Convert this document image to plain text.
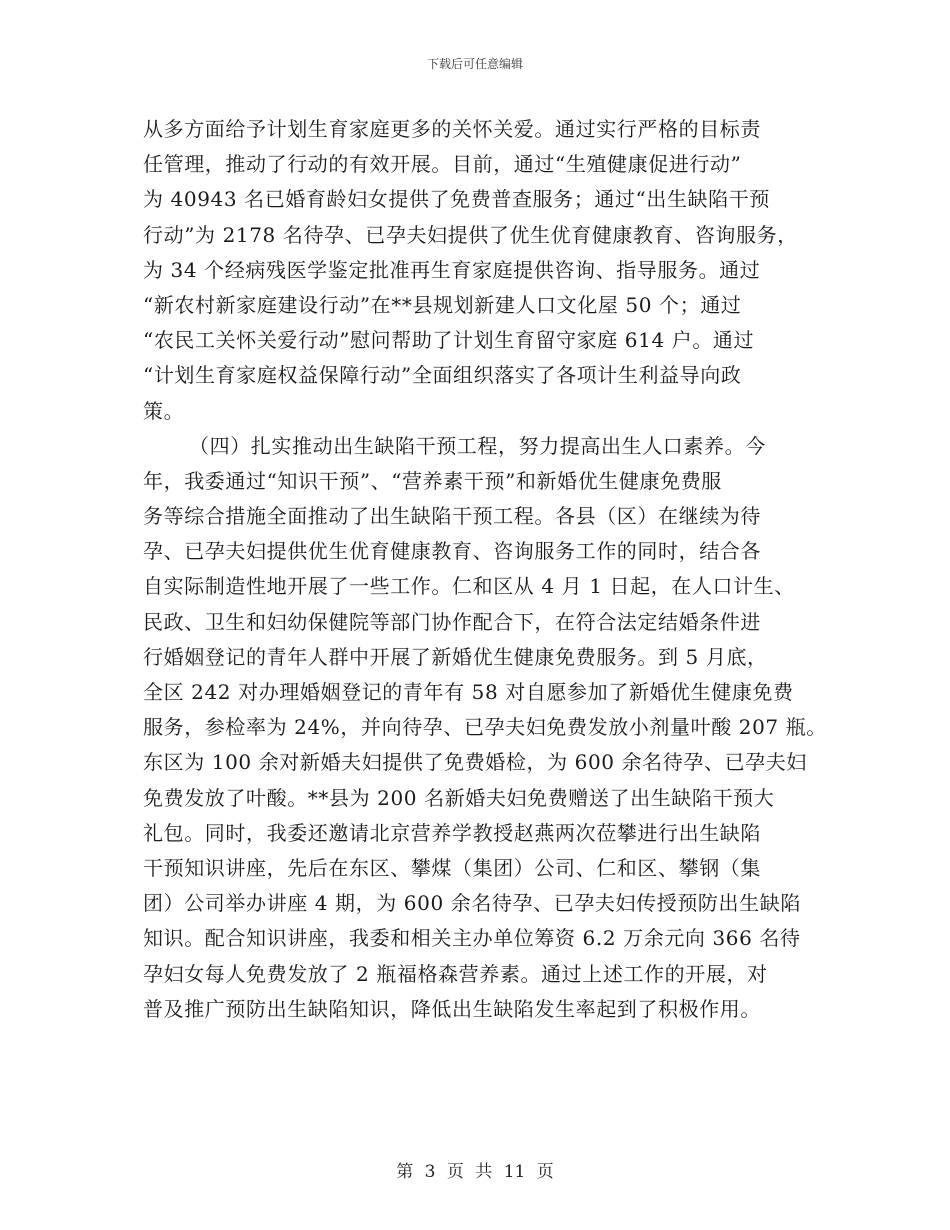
下载后可任意编辑
从多方面给予计划生育家庭更多的关怀关爱。通过实行严格的目标责
任管理，推动了行动的有效开展。目前，通过“生殖健康促进行动”
为 40943 名已婚育龄妇女提供了免费普查服务；通过“出生缺陷干预
行动”为 2178 名待孕、已孕夫妇提供了优生优育健康教育、咨询服务，
为 34 个经病残医学鉴定批准再生育家庭提供咨询、指导服务。通过
“新农村新家庭建设行动”在**县规划新建人口文化屋 50 个；通过
“农民工关怀关爱行动”慰问帮助了计划生育留守家庭 614 户。通过
“计划生育家庭权益保障行动”全面组织落实了各项计生利益导向政
策。
（四）扎实推动出生缺陷干预工程，努力提高出生人口素养。今
年，我委通过“知识干预”、“营养素干预”和新婚优生健康免费服
务等综合措施全面推动了出生缺陷干预工程。各县（区）在继续为待
孕、已孕夫妇提供优生优育健康教育、咨询服务工作的同时，结合各
自实际制造性地开展了一些工作。仁和区从 4 月 1 日起，在人口计生、
民政、卫生和妇幼保健院等部门协作配合下，在符合法定结婚条件进
行婚姻登记的青年人群中开展了新婚优生健康免费服务。到 5 月底，
全区 242 对办理婚姻登记的青年有 58 对自愿参加了新婚优生健康免费
服务，参检率为 24%，并向待孕、已孕夫妇免费发放小剂量叶酸 207 瓶。
东区为 100 余对新婚夫妇提供了免费婚检，为 600 余名待孕、已孕夫妇
免费发放了叶酸。**县为 200 名新婚夫妇免费赠送了出生缺陷干预大
礼包。同时，我委还邀请北京营养学教授赵燕两次莅攀进行出生缺陷
干预知识讲座，先后在东区、攀煤（集团）公司、仁和区、攀钢（集
团）公司举办讲座 4 期，为 600 余名待孕、已孕夫妇传授预防出生缺陷
知识。配合知识讲座，我委和相关主办单位筹资 6.2 万余元向 366 名待
孕妇女每人免费发放了 2 瓶福格森营养素。通过上述工作的开展，对
普及推广预防出生缺陷知识，降低出生缺陷发生率起到了积极作用。
第 3 页 共 11 页
